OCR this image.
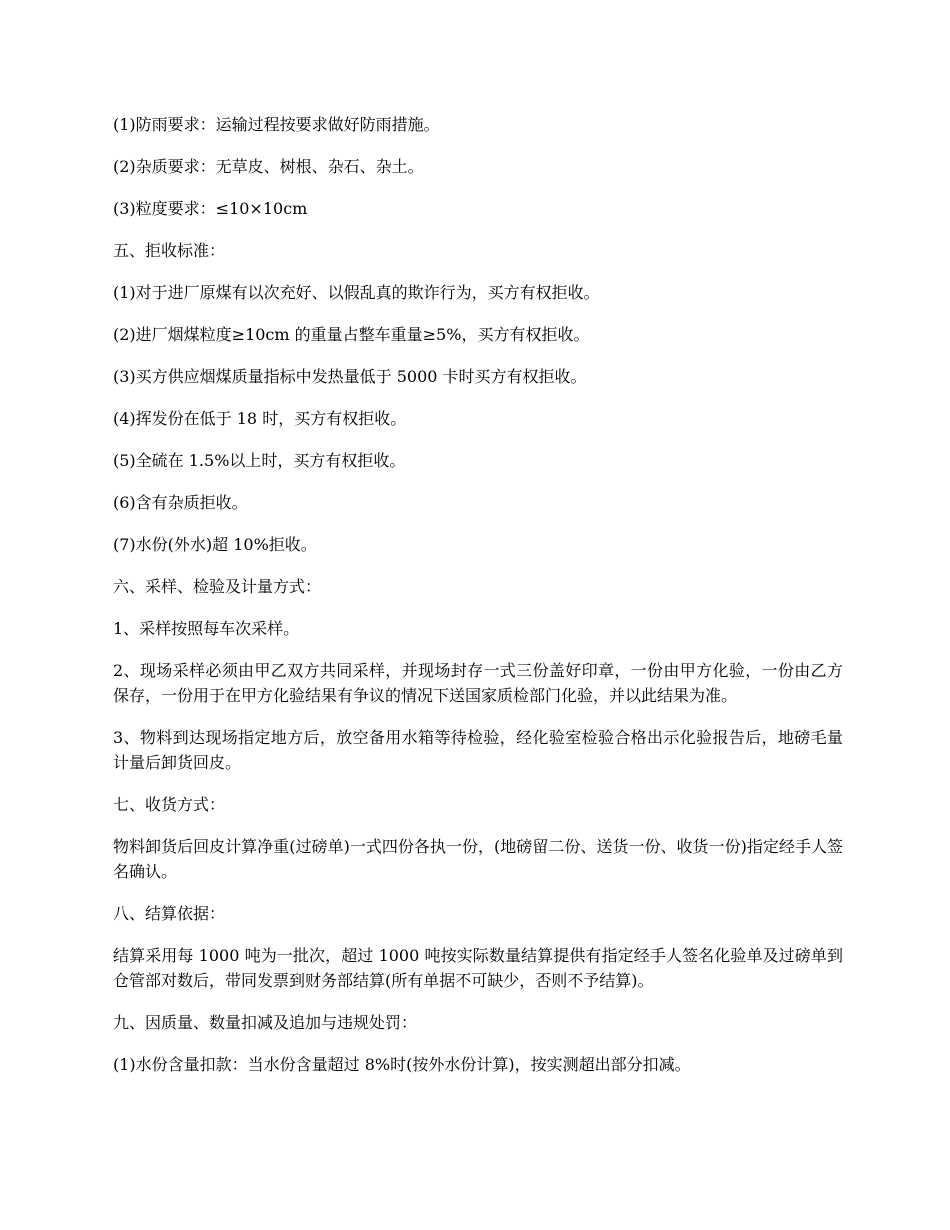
(1)防雨要求：运输过程按要求做好防雨措施。

(2)杂质要求：无草皮、树根、杂石、杂土。

(3)粒度要求：≤10×10cm

五、拒收标准：

(1)对于进厂原煤有以次充好、以假乱真的欺诈行为，买方有权拒收。

(2)进厂烟煤粒度≥10cm 的重量占整车重量≥5%，买方有权拒收。

(3)买方供应烟煤质量指标中发热量低于 5000 卡时买方有权拒收。

(4)挥发份在低于 18 时，买方有权拒收。

(5)全硫在 1.5%以上时，买方有权拒收。

(6)含有杂质拒收。

(7)水份(外水)超 10%拒收。

六、采样、检验及计量方式：

1、采样按照每车次采样。

2、现场采样必须由甲乙双方共同采样，并现场封存一式三份盖好印章，一份由甲方化验，一份由乙方保存，一份用于在甲方化验结果有争议的情况下送国家质检部门化验，并以此结果为准。

3、物料到达现场指定地方后，放空备用水箱等待检验，经化验室检验合格出示化验报告后，地磅毛量计量后卸货回皮。

七、收货方式：

物料卸货后回皮计算净重(过磅单)一式四份各执一份，(地磅留二份、送货一份、收货一份)指定经手人签名确认。

八、结算依据：

结算采用每 1000 吨为一批次，超过 1000 吨按实际数量结算提供有指定经手人签名化验单及过磅单到仓管部对数后，带同发票到财务部结算(所有单据不可缺少，否则不予结算)。

九、因质量、数量扣减及追加与违规处罚：

(1)水份含量扣款：当水份含量超过 8%时(按外水份计算)，按实测超出部分扣减。
